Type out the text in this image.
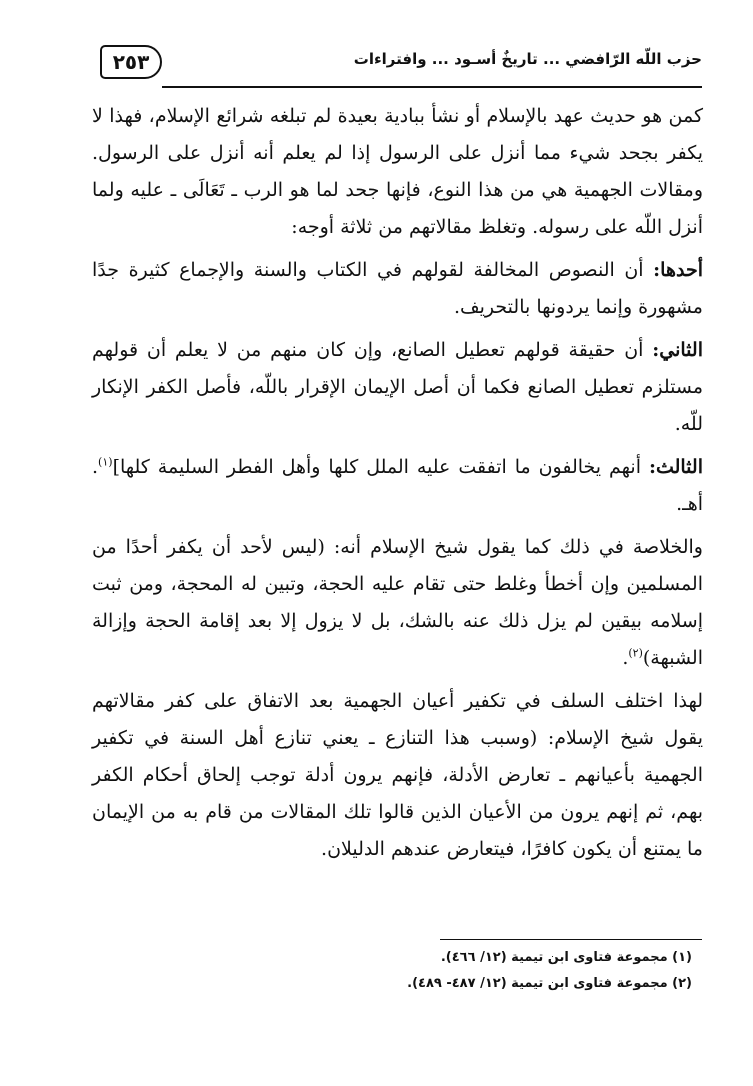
٢٥٣	حزب اللّه الرّافضي ... تاريخٌ أسـود ... وافتراءات

كمن هو حديث عهد بالإسلام أو نشأ ببادية بعيدة لم تبلغه شرائع الإسلام، فهذا لا يكفر بجحد شيء مما أنزل على الرسول إذا لم يعلم أنه أنزل على الرسول. ومقالات الجهمية هي من هذا النوع، فإنها جحد لما هو الرب ـ تَعَالَى ـ عليه ولما أنزل اللّه على رسوله. وتغلظ مقالاتهم من ثلاثة أوجه:

أحدها: أن النصوص المخالفة لقولهم في الكتاب والسنة والإجماع كثيرة جدًا مشهورة وإنما يردونها بالتحريف.

الثاني: أن حقيقة قولهم تعطيل الصانع، وإن كان منهم من لا يعلم أن قولهم مستلزم تعطيل الصانع فكما أن أصل الإيمان الإقرار باللّه، فأصل الكفر الإنكار للّه.

الثالث: أنهم يخالفون ما اتفقت عليه الملل كلها وأهل الفطر السليمة كلها]$^{(١)}$. أهـ.

والخلاصة في ذلك كما يقول شيخ الإسلام أنه: (ليس لأحد أن يكفر أحدًا من المسلمين وإن أخطأ وغلط حتى تقام عليه الحجة، وتبين له المحجة، ومن ثبت إسلامه بيقين لم يزل ذلك عنه بالشك، بل لا يزول إلا بعد إقامة الحجة وإزالة الشبهة)$^{(٢)}$.

لهذا اختلف السلف في تكفير أعيان الجهمية بعد الاتفاق على كفر مقالاتهم يقول شيخ الإسلام: (وسبب هذا التنازع ـ يعني تنازع أهل السنة في تكفير الجهمية بأعيانهم ـ تعارض الأدلة، فإنهم يرون أدلة توجب إلحاق أحكام الكفر بهم، ثم إنهم يرون من الأعيان الذين قالوا تلك المقالات من قام به من الإيمان ما يمتنع أن يكون كافرًا، فيتعارض عندهم الدليلان.

(١) مجموعة فتاوى ابن تيمية (١٢/ ٤٦٦).
(٢) مجموعة فتاوى ابن تيمية (١٢/ ٤٨٧- ٤٨٩).
